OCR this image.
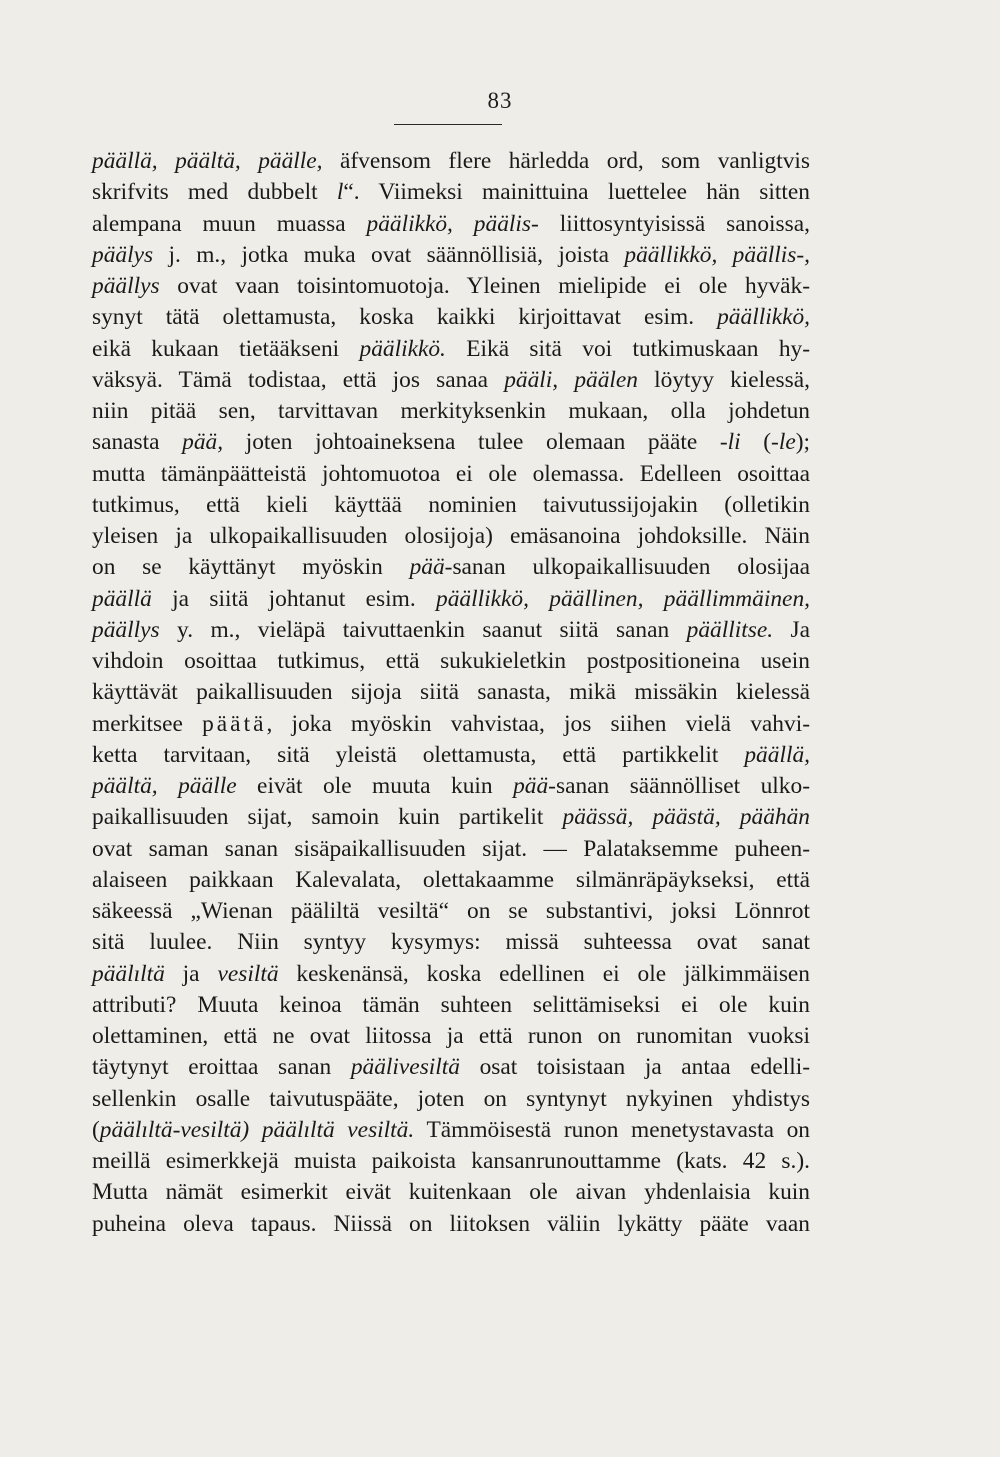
83
päällä, päältä, päälle, äfvensom flere härledda ord, som vanligtvis
skrifvits med dubbelt l“. Viimeksi mainittuina luettelee hän sitten
alempana muun muassa päälikkö, päälis- liittosyntyisissä sanoissa,
päälys j. m., jotka muka ovat säännöllisiä, joista päällikkö, päällis-,
päällys ovat vaan toisintomuotoja. Yleinen mielipide ei ole hyväk-
synyt tätä olettamusta, koska kaikki kirjoittavat esim. päällikkö,
eikä kukaan tietääkseni päälikkö. Eikä sitä voi tutkimuskaan hy-
väksyä. Tämä todistaa, että jos sanaa pääli, päälen löytyy kielessä,
niin pitää sen, tarvittavan merkityksenkin mukaan, olla johdetun
sanasta pää, joten johtoaineksena tulee olemaan pääte -li (-le);
mutta tämänpäätteistä johtomuotoa ei ole olemassa. Edelleen osoittaa
tutkimus, että kieli käyttää nominien taivutussijojakin (olletikin
yleisen ja ulkopaikallisuuden olosijoja) emäsanoina johdoksille. Näin
on se käyttänyt myöskin pää-sanan ulkopaikallisuuden olosijaa
päällä ja siitä johtanut esim. päällikkö, päällinen, päällimmäinen,
päällys y. m., vieläpä taivuttaenkin saanut siitä sanan päällitse. Ja
vihdoin osoittaa tutkimus, että sukukieletkin postpositioneina usein
käyttävät paikallisuuden sijoja siitä sanasta, mikä missäkin kielessä
merkitsee päätä, joka myöskin vahvistaa, jos siihen vielä vahvi-
ketta tarvitaan, sitä yleistä olettamusta, että partikkelit päällä,
päältä, päälle eivät ole muuta kuin pää-sanan säännölliset ulko-
paikallisuuden sijat, samoin kuin partikelit päässä, päästä, päähän
ovat saman sanan sisäpaikallisuuden sijat. — Palataksemme puheen-
alaiseen paikkaan Kalevalata, olettakaamme silmänräpäykseksi, että
säkeessä „Wienan pääliltä vesiltä“ on se substantivi, joksi Lönnrot
sitä luulee. Niin syntyy kysymys: missä suhteessa ovat sanat
päälıltä ja vesiltä keskenänsä, koska edellinen ei ole jälkimmäisen
attributi? Muuta keinoa tämän suhteen selittämiseksi ei ole kuin
olettaminen, että ne ovat liitossa ja että runon on runomitan vuoksi
täytynyt eroittaa sanan päälivesiltä osat toisistaan ja antaa edelli-
sellenkin osalle taivutuspääte, joten on syntynyt nykyinen yhdistys
(päälıltä-vesiltä) päälıltä vesiltä. Tämmöisestä runon menetystavasta on
meillä esimerkkejä muista paikoista kansanrunouttamme (kats. 42 s.).
Mutta nämät esimerkit eivät kuitenkaan ole aivan yhdenlaisia kuin
puheina oleva tapaus. Niissä on liitoksen väliin lykätty pääte vaan
